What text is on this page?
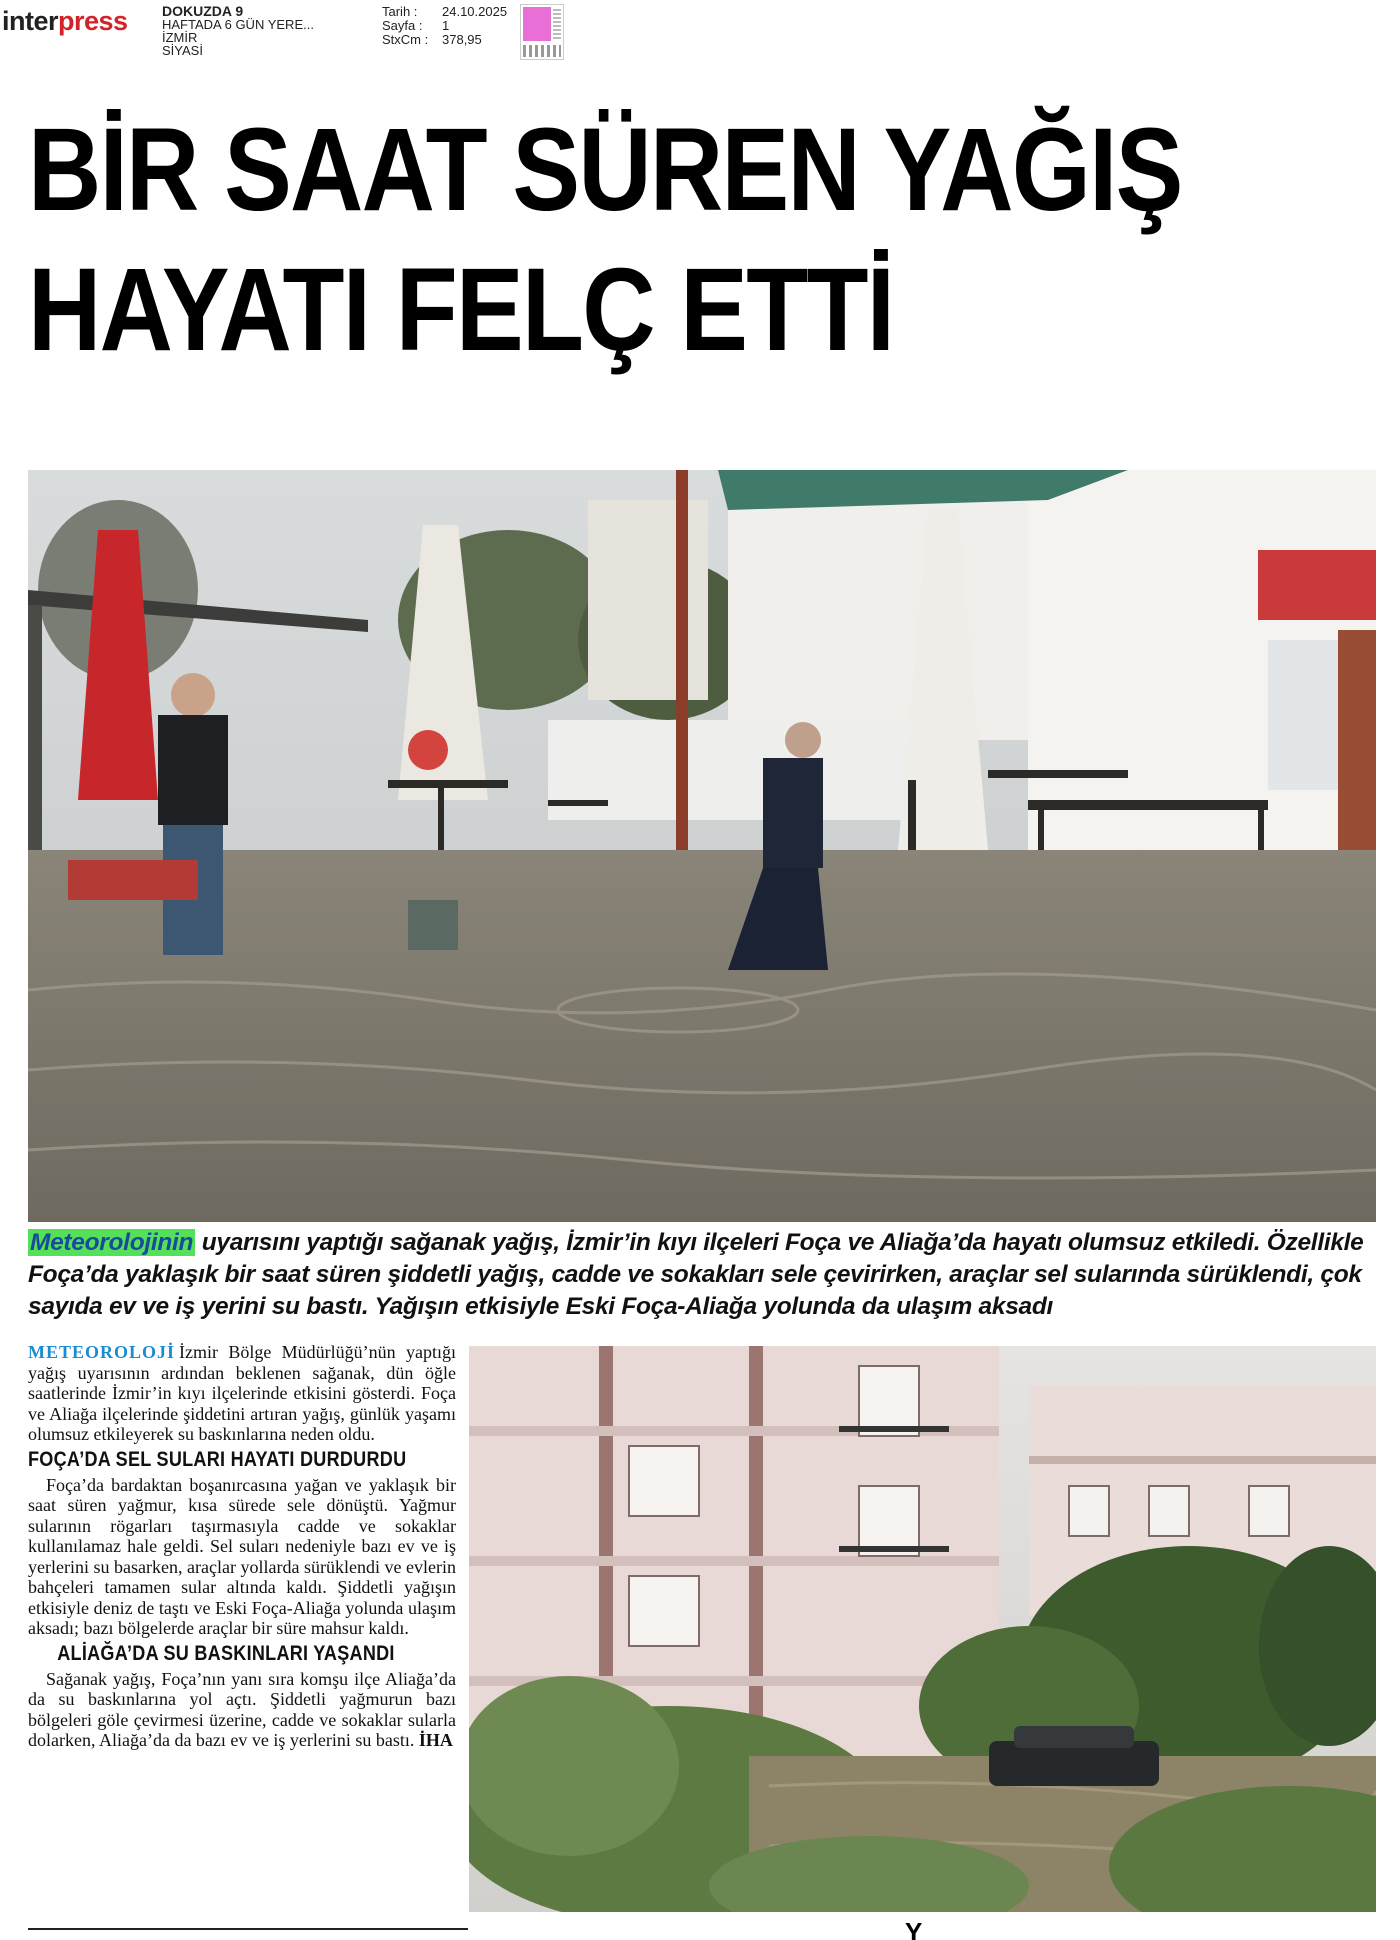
interpress DOKUZDA 9
HAFTADA 6 GÜN YERE...
İZMİR
SİYASİ
Tarih :	24.10.2025
Sayfa :	1
StxCm :	378,95
BİR SAAT SÜREN YAĞIŞ
HAYATI FELÇ ETTİ
Meteorolojinin uyarısını yaptığı sağanak yağış, İzmir’in kıyı ilçeleri Foça ve Aliağa’da hayatı olumsuz etkiledi. Özellikle Foça’da yaklaşık bir saat süren şiddetli yağış, cadde ve sokakları sele çevirirken, araçlar sel sularında sürüklendi, çok sayıda ev ve iş yerini su bastı. Yağışın etkisiyle Eski Foça-Aliağa yolunda da ulaşım aksadı

METEOROLOJİ İzmir Bölge Müdürlüğü’nün yaptığı yağış uyarısının ardından beklenen sağanak, dün öğle saatlerinde İzmir’in kıyı ilçelerinde etkisini gösterdi. Foça ve Aliağa ilçelerinde şiddetini artıran yağış, günlük yaşamı olumsuz etkileyerek su baskınlarına neden oldu.

FOÇA’DA SEL SULARI HAYATI DURDURDU

Foça’da bardaktan boşanırcasına yağan ve yaklaşık bir saat süren yağmur, kısa sürede sele dönüştü. Yağmur sularının rögarları taşırmasıyla cadde ve sokaklar kullanılamaz hale geldi. Sel suları nedeniyle bazı ev ve iş yerlerini su basarken, araçlar yollarda sürüklendi ve evlerin bahçeleri tamamen sular altında kaldı. Şiddetli yağışın etkisiyle deniz de taştı ve Eski Foça-Aliağa yolunda ulaşım aksadı; bazı bölgelerde araçlar bir süre mahsur kaldı.

ALİAĞA’DA SU BASKINLARI YAŞANDI

Sağanak yağış, Foça’nın yanı sıra komşu ilçe Aliağa’da da su baskınlarına yol açtı. Şiddetli yağmurun bazı bölgeleri göle çevirmesi üzerine, cadde ve sokaklar sularla dolarken, Aliağa’da da bazı ev ve iş yerlerini su bastı. İHA

Y
